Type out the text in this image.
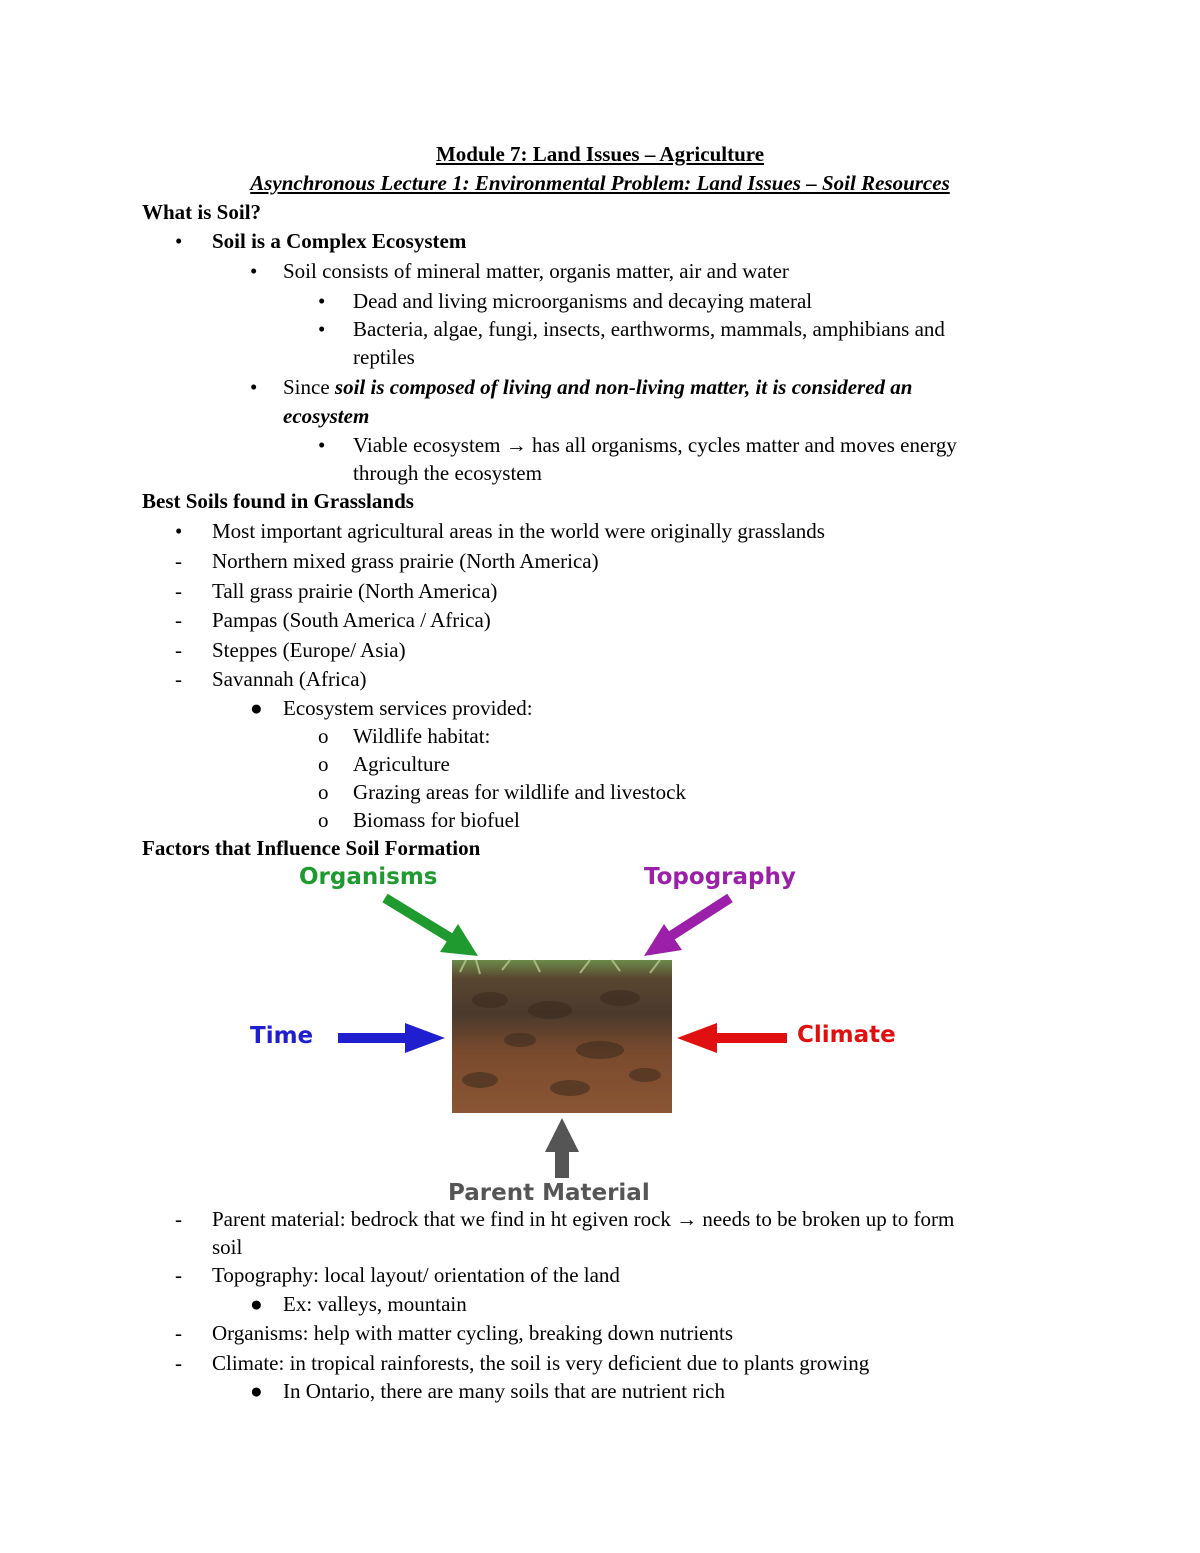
Module 7: Land Issues – Agriculture
Asynchronous Lecture 1: Environmental Problem: Land Issues – Soil Resources
What is Soil?
• Soil is a Complex Ecosystem
• Soil consists of mineral matter, organis matter, air and water
• Dead and living microorganisms and decaying materal
• Bacteria, algae, fungi, insects, earthworms, mammals, amphibians and
reptiles
• Since soil is composed of living and non-living matter, it is considered an
ecosystem
• Viable ecosystem → has all organisms, cycles matter and moves energy
through the ecosystem
Best Soils found in Grasslands
• Most important agricultural areas in the world were originally grasslands
- Northern mixed grass prairie (North America)
- Tall grass prairie (North America)
- Pampas (South America / Africa)
- Steppes (Europe/ Asia)
- Savannah (Africa)
● Ecosystem services provided:
o Wildlife habitat:
o Agriculture
o Grazing areas for wildlife and livestock
o Biomass for biofuel
Factors that Influence Soil Formation
Organisms	Topography
Time	Climate
Parent Material
- Parent material: bedrock that we find in ht egiven rock → needs to be broken up to form
soil
- Topography: local layout/ orientation of the land
● Ex: valleys, mountain
- Organisms: help with matter cycling, breaking down nutrients
- Climate: in tropical rainforests, the soil is very deficient due to plants growing
● In Ontario, there are many soils that are nutrient rich
